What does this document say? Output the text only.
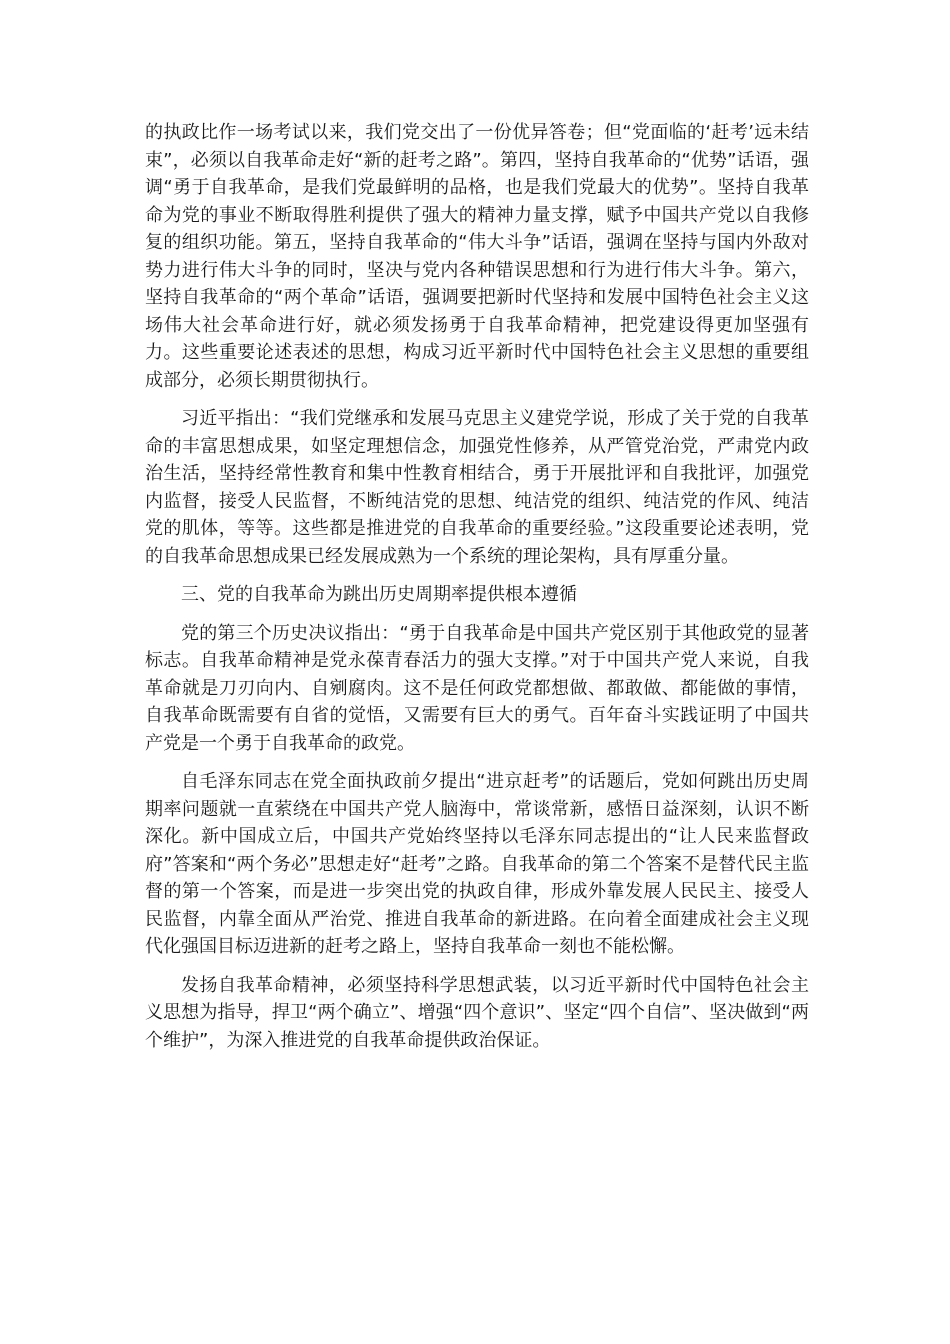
的执政比作一场考试以来，我们党交出了一份优异答卷；但“党面临的‘赶考’远未结束”，必须以自我革命走好“新的赶考之路”。第四，坚持自我革命的“优势”话语，强调“勇于自我革命，是我们党最鲜明的品格，也是我们党最大的优势”。坚持自我革命为党的事业不断取得胜利提供了强大的精神力量支撑，赋予中国共产党以自我修复的组织功能。第五，坚持自我革命的“伟大斗争”话语，强调在坚持与国内外敌对势力进行伟大斗争的同时，坚决与党内各种错误思想和行为进行伟大斗争。第六，坚持自我革命的“两个革命”话语，强调要把新时代坚持和发展中国特色社会主义这场伟大社会革命进行好，就必须发扬勇于自我革命精神，把党建设得更加坚强有力。这些重要论述表述的思想，构成习近平新时代中国特色社会主义思想的重要组成部分，必须长期贯彻执行。

习近平指出：“我们党继承和发展马克思主义建党学说，形成了关于党的自我革命的丰富思想成果，如坚定理想信念，加强党性修养，从严管党治党，严肃党内政治生活，坚持经常性教育和集中性教育相结合，勇于开展批评和自我批评，加强党内监督，接受人民监督，不断纯洁党的思想、纯洁党的组织、纯洁党的作风、纯洁党的肌体，等等。这些都是推进党的自我革命的重要经验。”这段重要论述表明，党的自我革命思想成果已经发展成熟为一个系统的理论架构，具有厚重分量。

三、党的自我革命为跳出历史周期率提供根本遵循

党的第三个历史决议指出：“勇于自我革命是中国共产党区别于其他政党的显著标志。自我革命精神是党永葆青春活力的强大支撑。”对于中国共产党人来说，自我革命就是刀刃向内、自剜腐肉。这不是任何政党都想做、都敢做、都能做的事情，自我革命既需要有自省的觉悟，又需要有巨大的勇气。百年奋斗实践证明了中国共产党是一个勇于自我革命的政党。

自毛泽东同志在党全面执政前夕提出“进京赶考”的话题后，党如何跳出历史周期率问题就一直萦绕在中国共产党人脑海中，常谈常新，感悟日益深刻，认识不断深化。新中国成立后，中国共产党始终坚持以毛泽东同志提出的“让人民来监督政府”答案和“两个务必”思想走好“赶考”之路。自我革命的第二个答案不是替代民主监督的第一个答案，而是进一步突出党的执政自律，形成外靠发展人民民主、接受人民监督，内靠全面从严治党、推进自我革命的新进路。在向着全面建成社会主义现代化强国目标迈进新的赶考之路上，坚持自我革命一刻也不能松懈。

发扬自我革命精神，必须坚持科学思想武装，以习近平新时代中国特色社会主义思想为指导，捍卫“两个确立”、增强“四个意识”、坚定“四个自信”、坚决做到“两个维护”，为深入推进党的自我革命提供政治保证。
